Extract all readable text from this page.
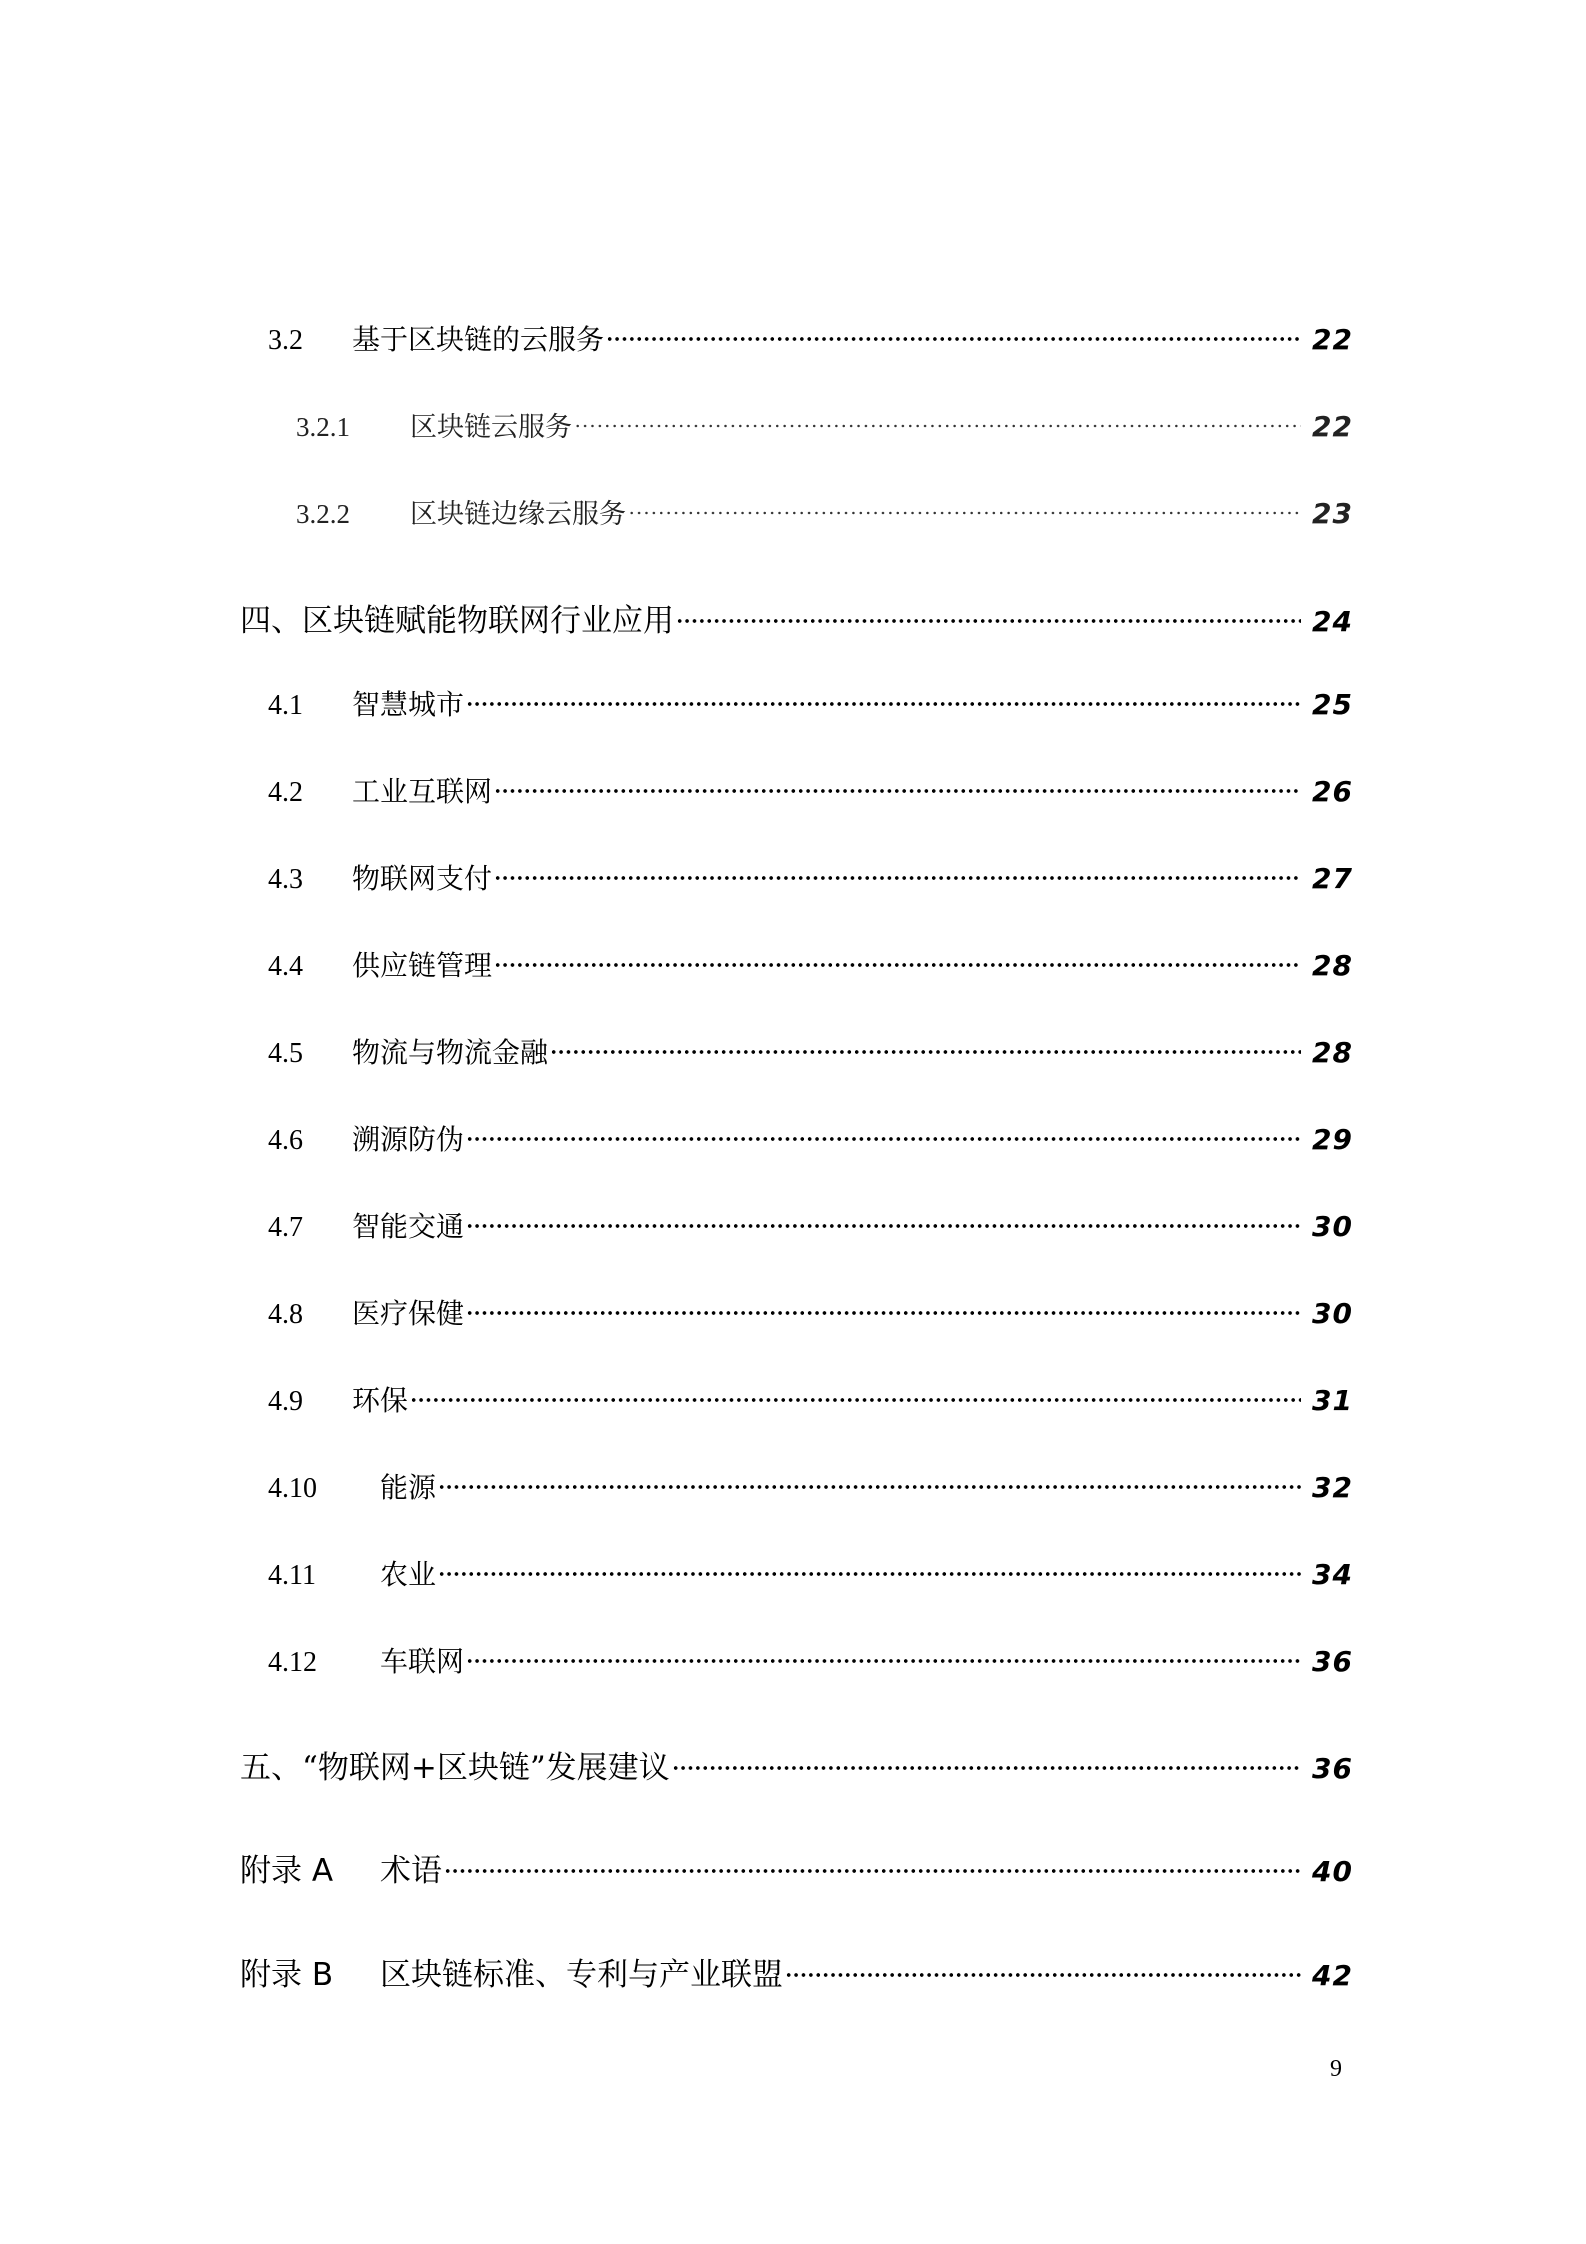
3.2	基于区块链的云服务	22
3.2.1	区块链云服务	22
3.2.2	区块链边缘云服务	23
四、 区块链赋能物联网行业应用	24
4.1	智慧城市	25
4.2	工业互联网	26
4.3	物联网支付	27
4.4	供应链管理	28
4.5	物流与物流金融	28
4.6	溯源防伪	29
4.7	智能交通	30
4.8	医疗保健	30
4.9	环保	31
4.10	能源	32
4.11	农业	34
4.12	车联网	36
五、 “物联网+区块链”发展建议	36
附录 A	术语	40
附录 B	区块链标准、专利与产业联盟	42
9
